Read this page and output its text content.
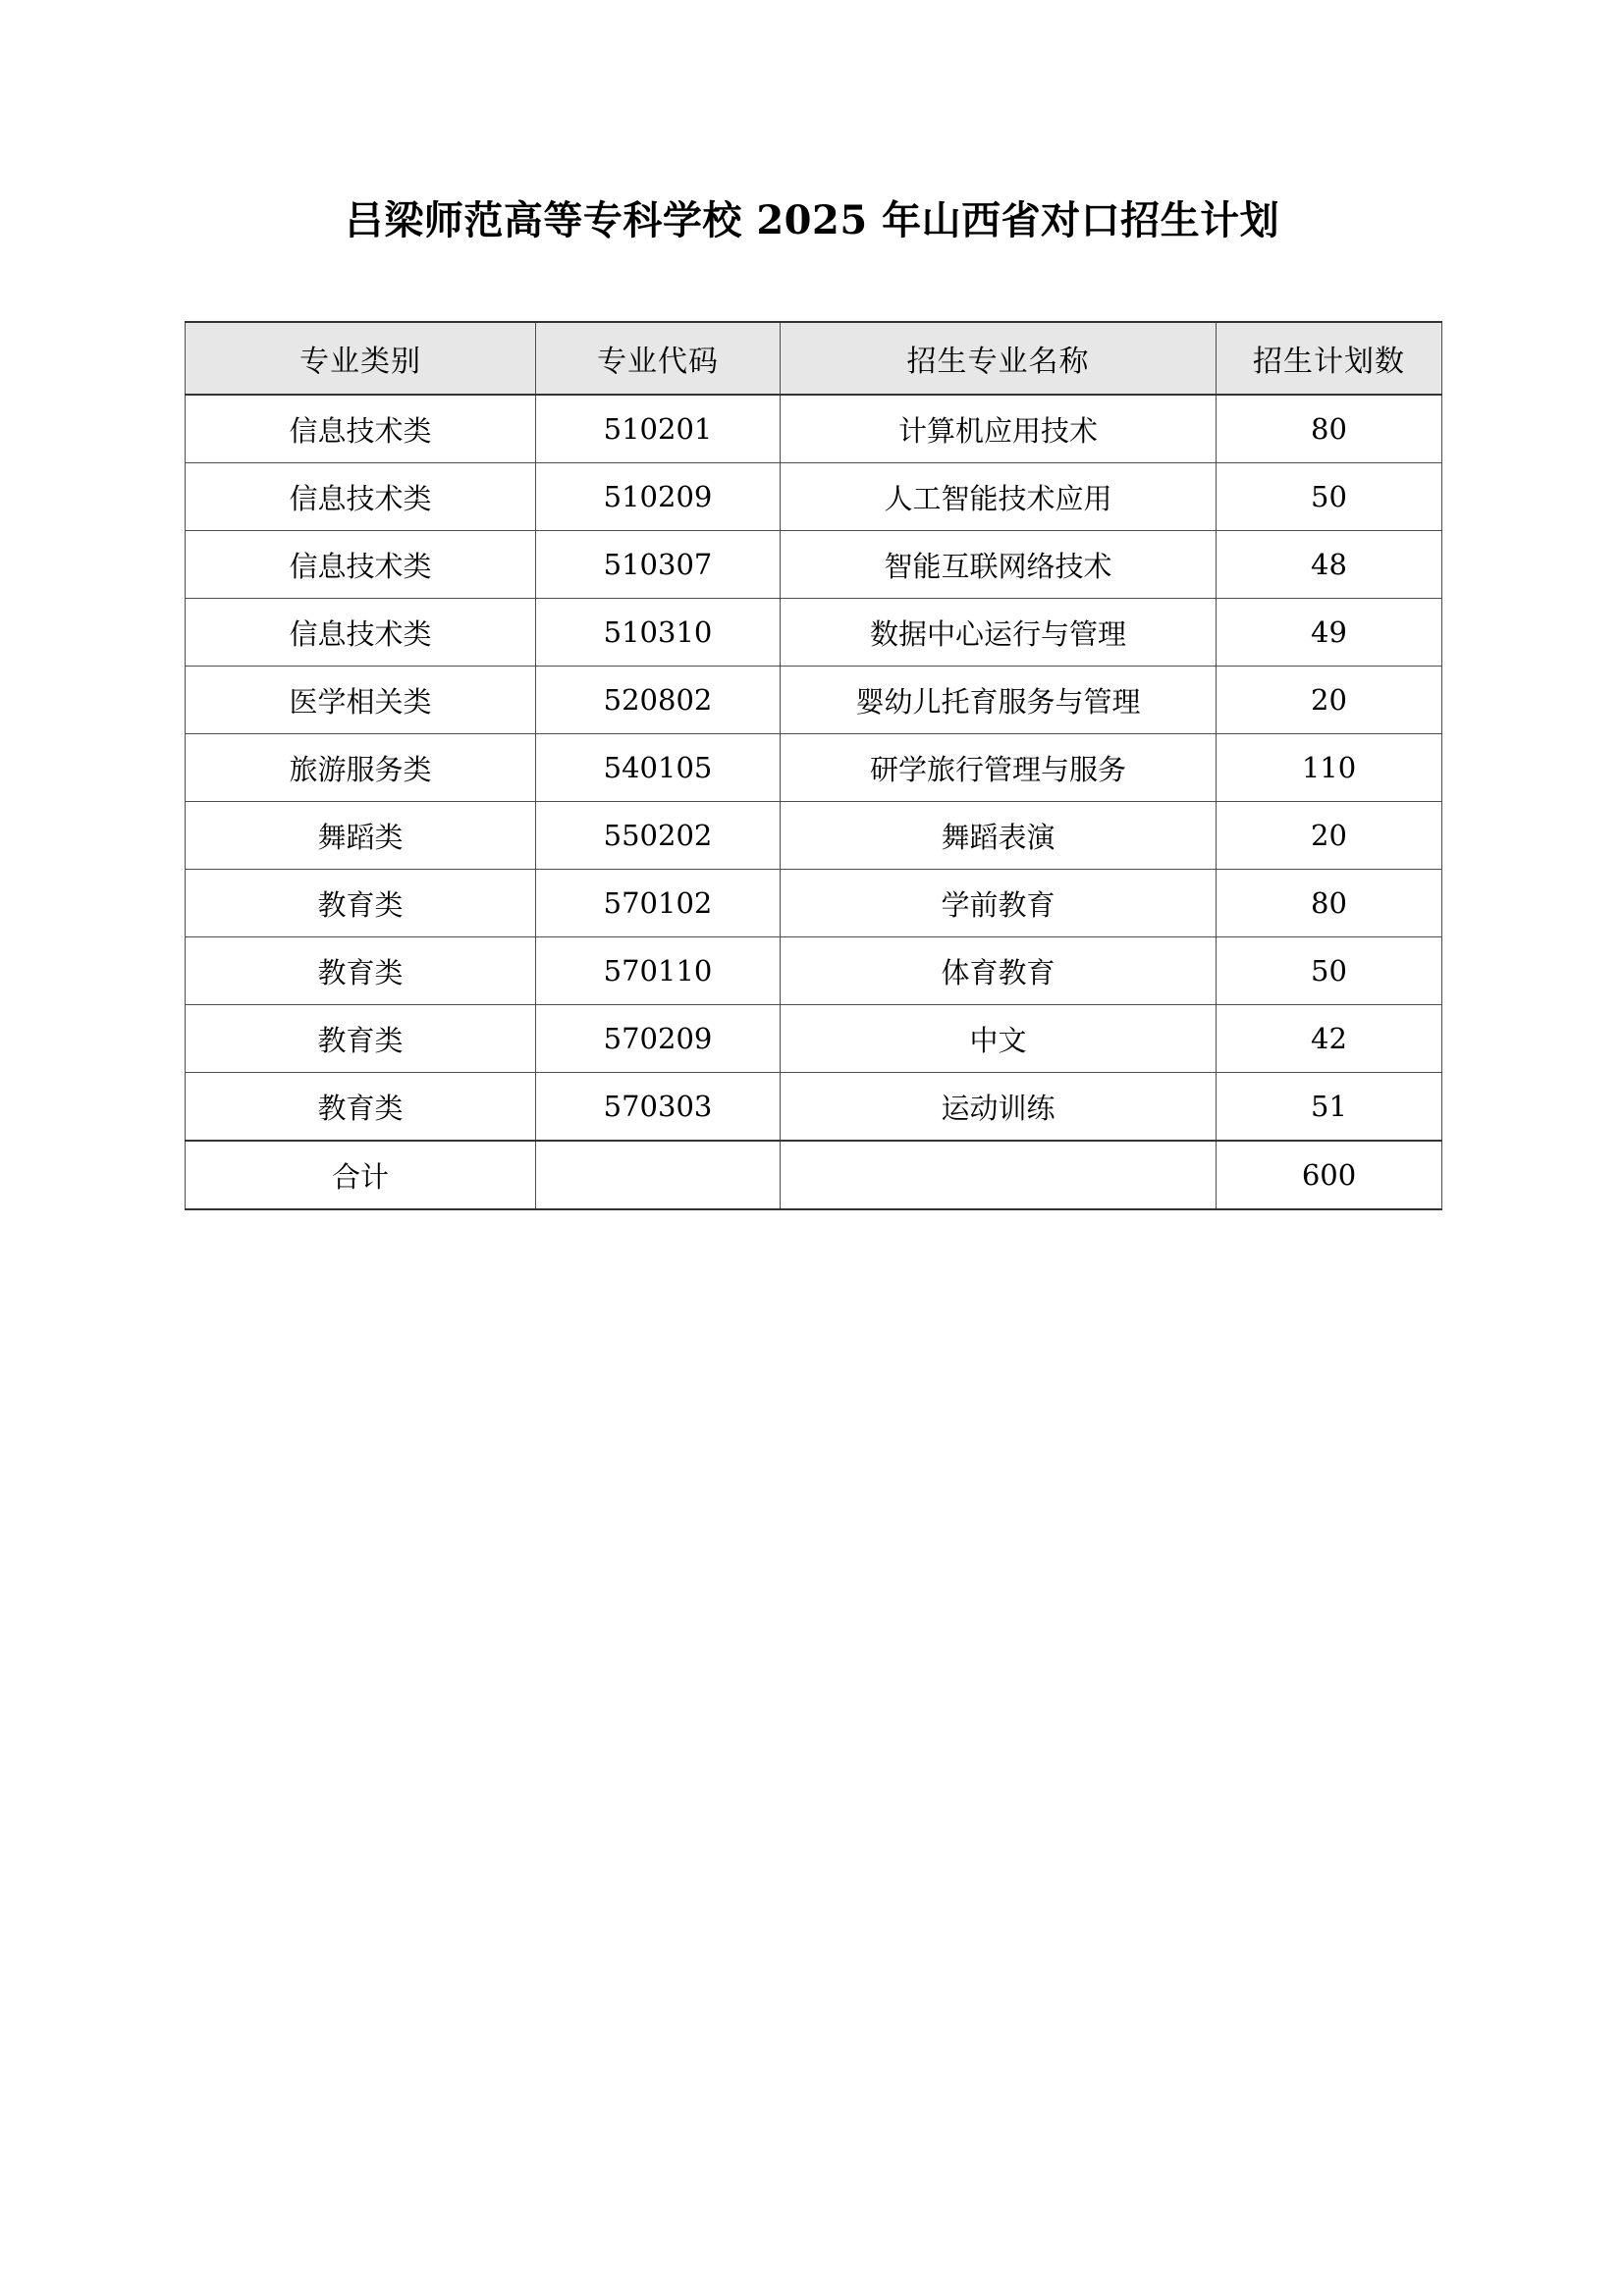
吕梁师范高等专科学校 2025 年山西省对口招生计划
专业类别	专业代码	招生专业名称	招生计划数
信息技术类	510201	计算机应用技术	80
信息技术类	510209	人工智能技术应用	50
信息技术类	510307	智能互联网络技术	48
信息技术类	510310	数据中心运行与管理	49
医学相关类	520802	婴幼儿托育服务与管理	20
旅游服务类	540105	研学旅行管理与服务	110
舞蹈类	550202	舞蹈表演	20
教育类	570102	学前教育	80
教育类	570110	体育教育	50
教育类	570209	中文	42
教育类	570303	运动训练	51
合计			600
